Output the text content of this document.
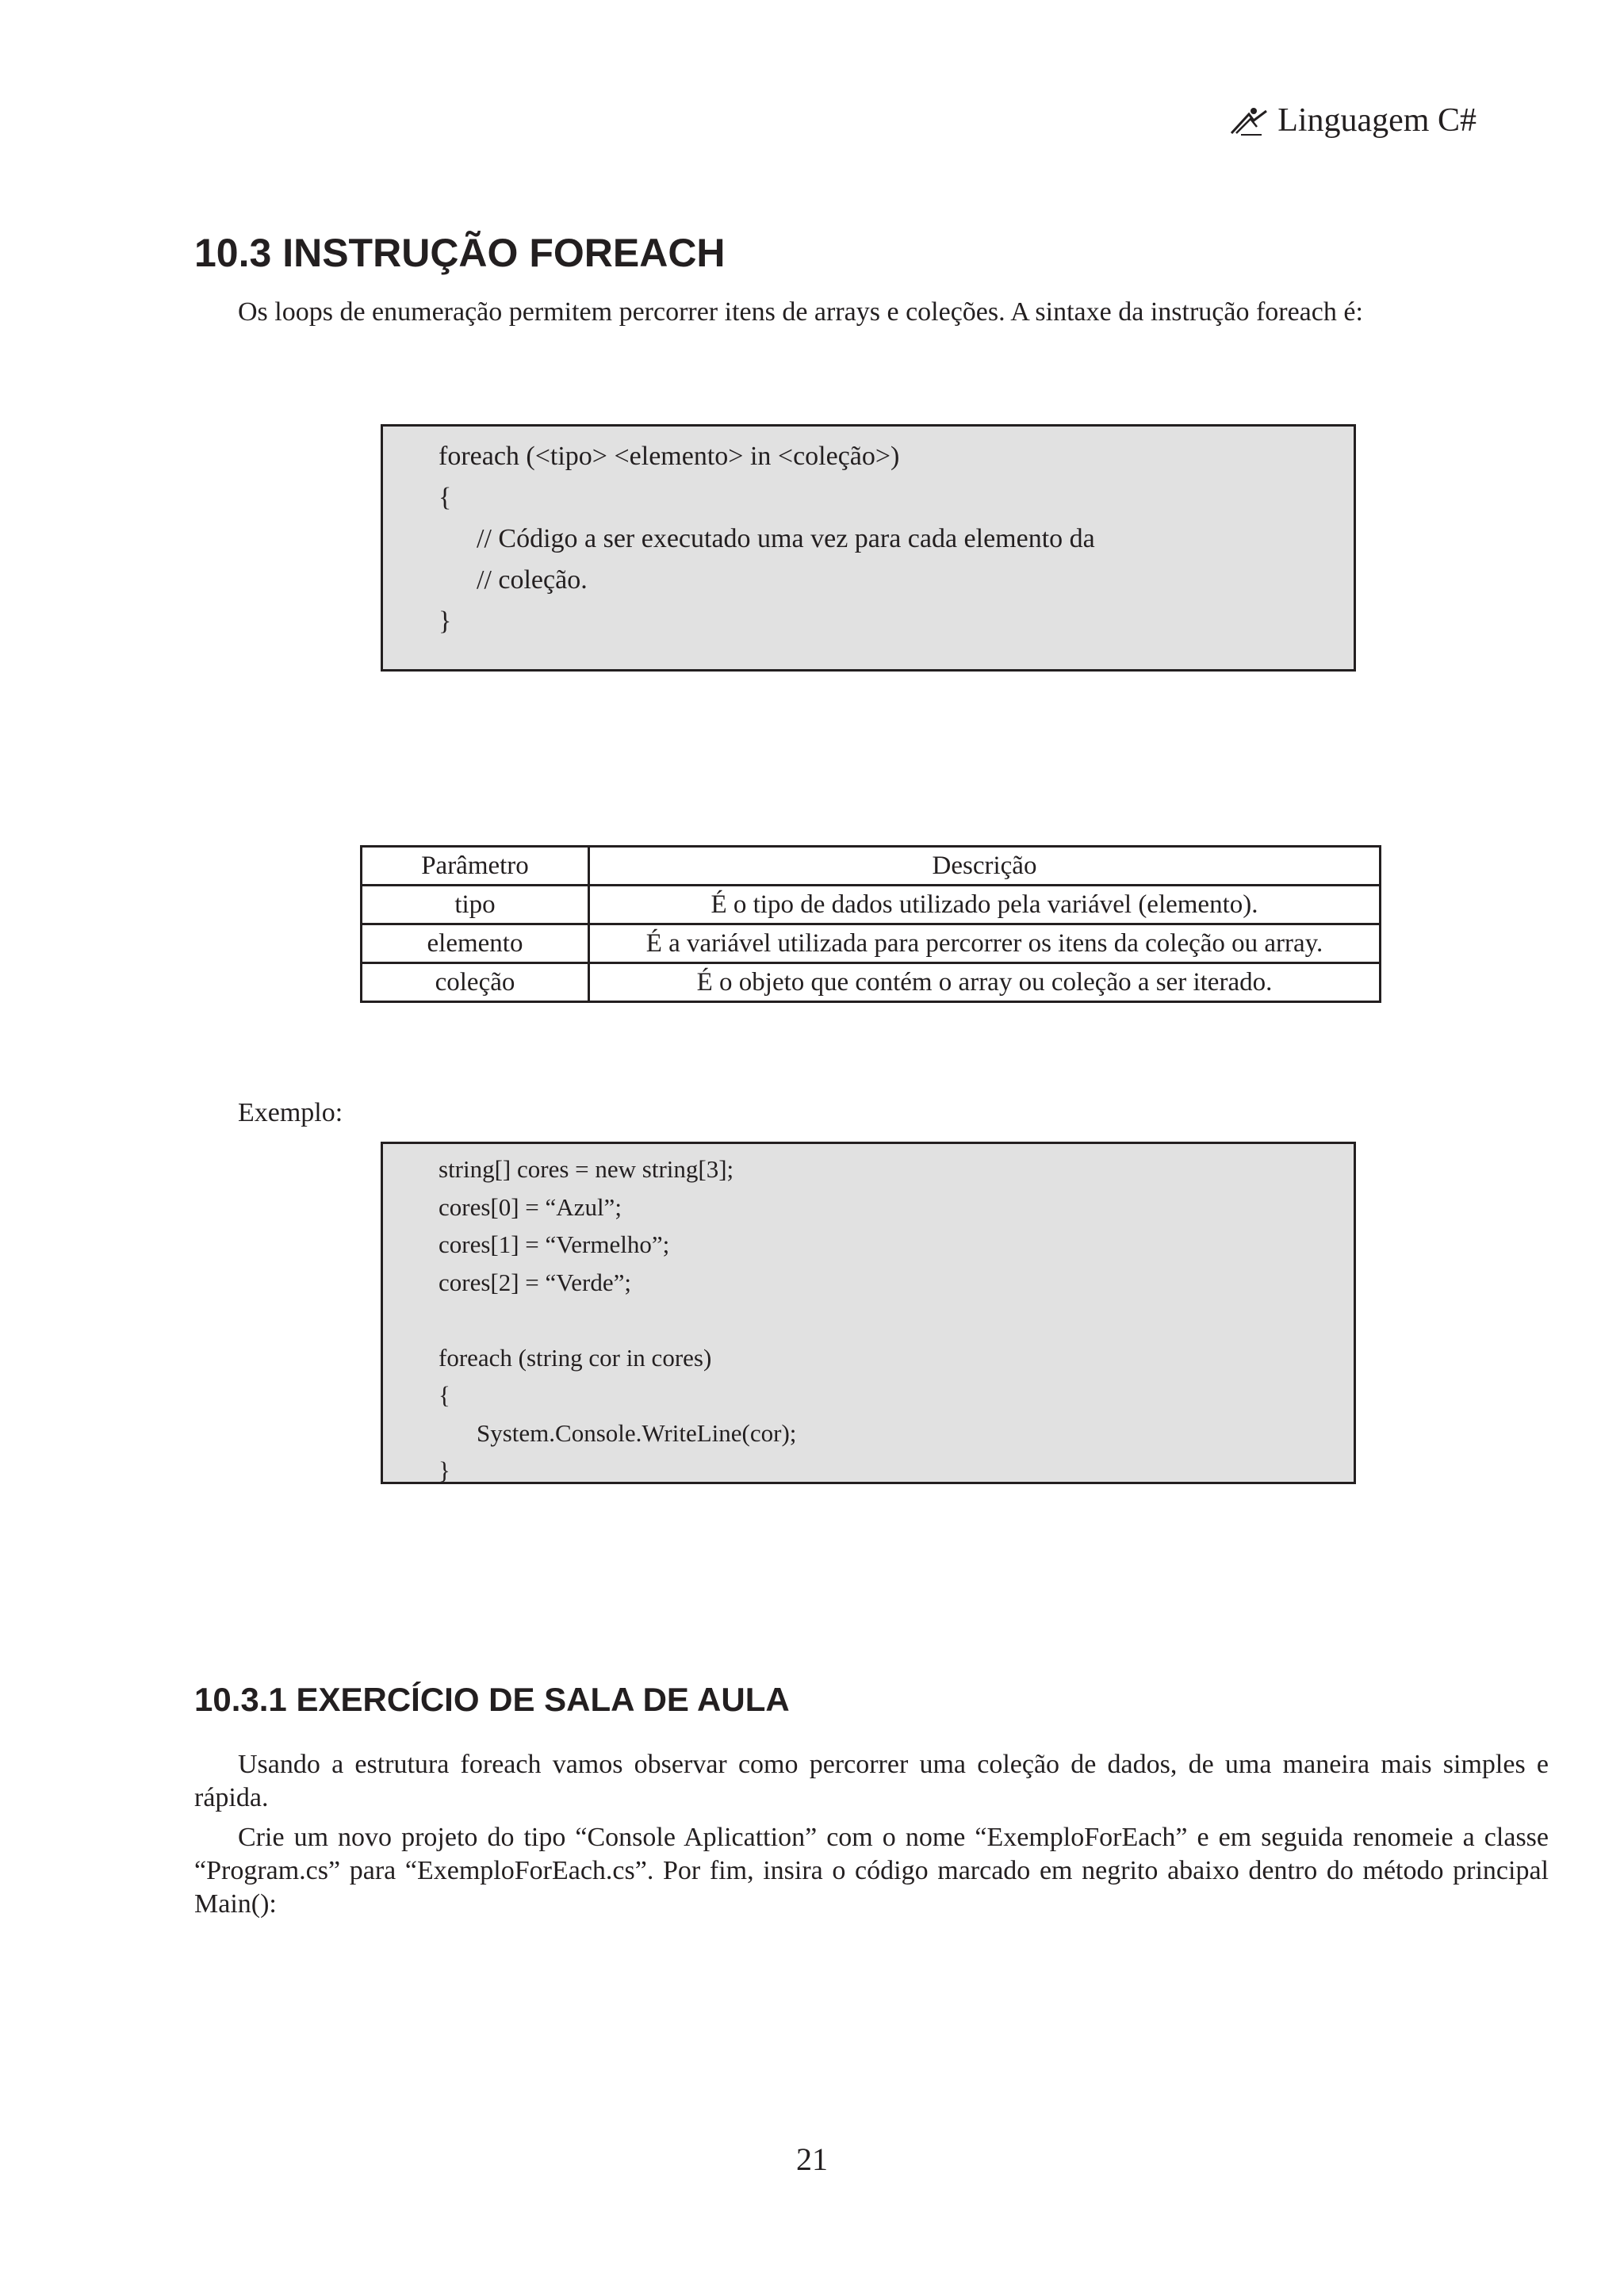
Linguagem C#
10.3 INSTRUÇÃO FOREACH
Os loops de enumeração permitem percorrer itens de arrays e coleções. A sintaxe da instrução foreach é:
foreach (<tipo> <elemento> in <coleção>)
{
// Código a ser executado uma vez para cada elemento da
// coleção.
}
Parâmetro	Descrição
tipo	É o tipo de dados utilizado pela variável (elemento).
elemento	É a variável utilizada para percorrer os itens da coleção ou array.
coleção	É o objeto que contém o array ou coleção a ser iterado.
Exemplo:
string[] cores = new string[3];
cores[0] = “Azul”;
cores[1] = “Vermelho”;
cores[2] = “Verde”;
foreach (string cor in cores)
{
System.Console.WriteLine(cor);
}
10.3.1 EXERCÍCIO DE SALA DE AULA

Usando a estrutura foreach vamos observar como percorrer uma coleção de dados, de uma maneira mais simples e rápida.

Crie um novo projeto do tipo “Console Aplicattion” com o nome “ExemploForEach” e em seguida renomeie a classe “Program.cs” para “ExemploForEach.cs”. Por fim, insira o código marcado em negrito abaixo dentro do método principal Main():

21
